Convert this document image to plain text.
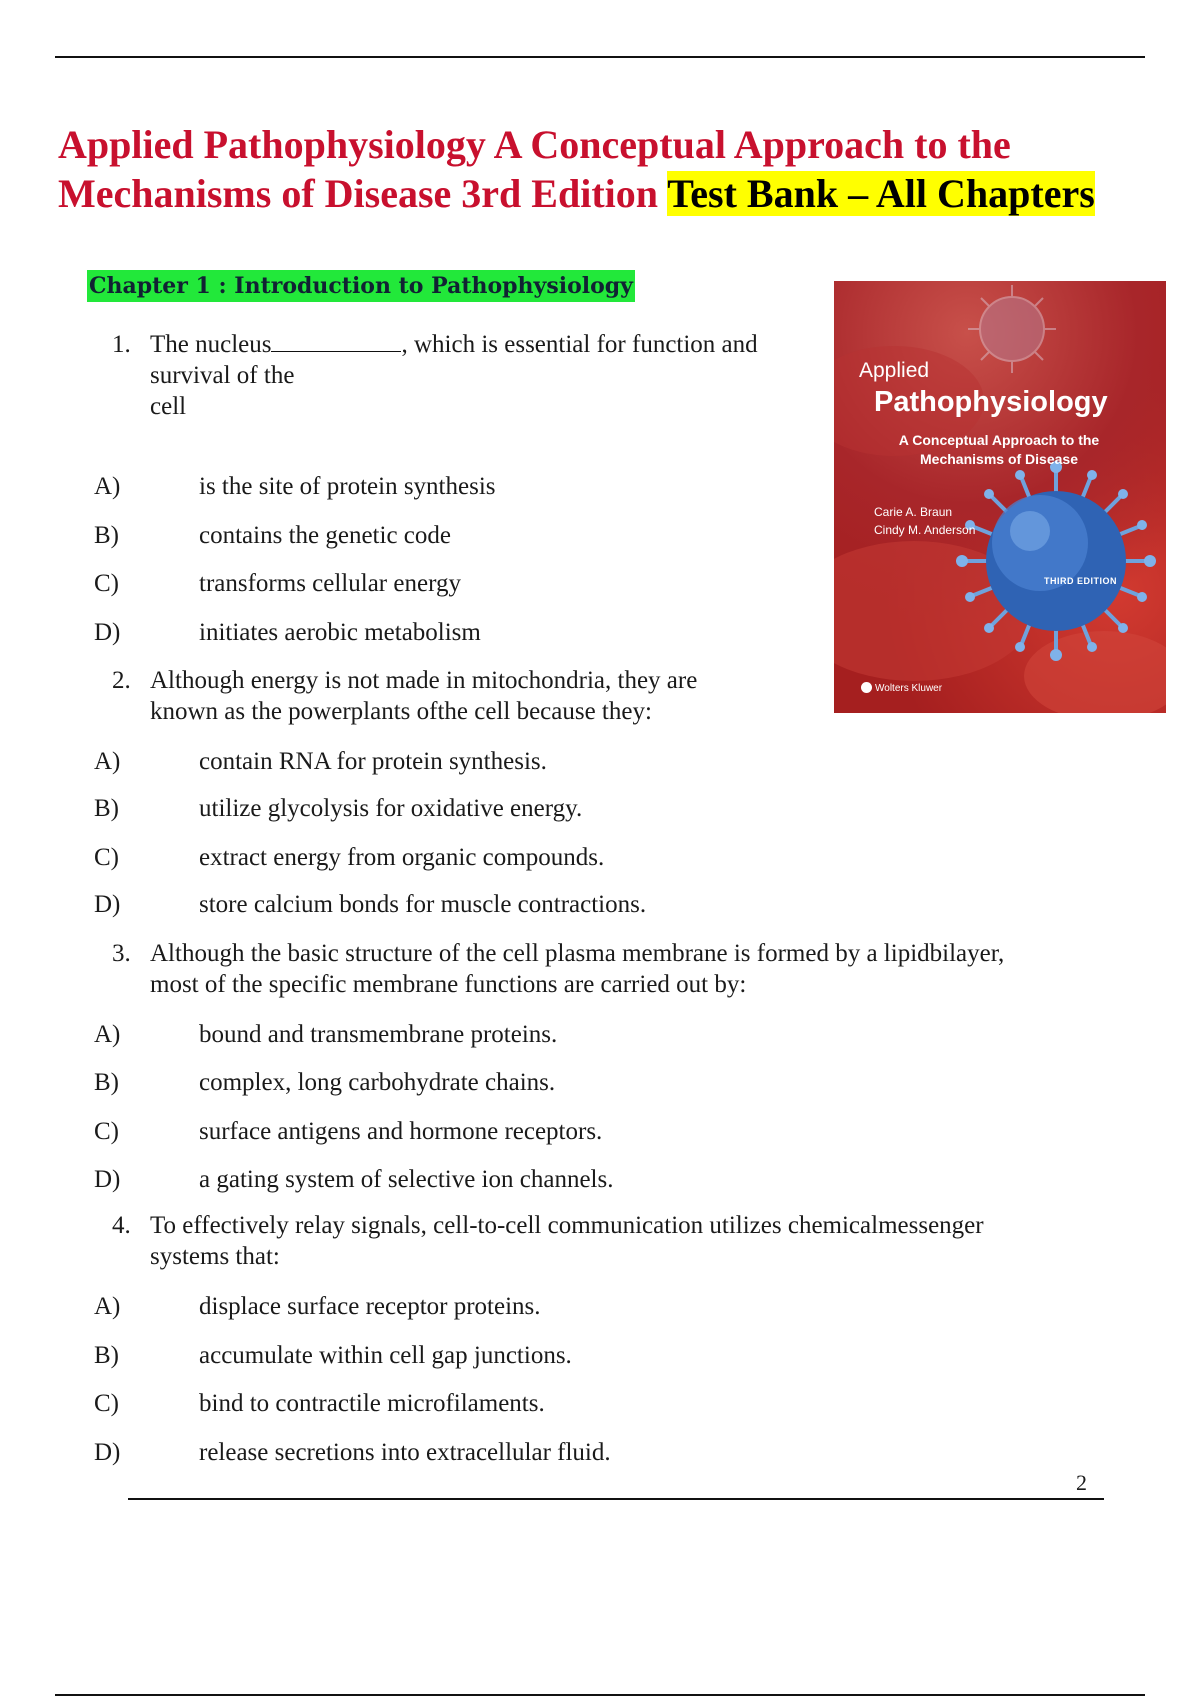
Applied Pathophysiology A Conceptual Approach to the Mechanisms of Disease 3rd Edition Test Bank – All Chapters
Chapter 1 : Introduction to Pathophysiology
Applied
Pathophysiology
A Conceptual Approach to the Mechanisms of Disease
Carie A. Braun
Cindy M. Anderson
THIRD EDITION
Wolters Kluwer
1. The nucleus	, which is essential for function and
survival of the
cell
A)	is the site of protein synthesis
B)	contains the genetic code
C)	transforms cellular energy
D)	initiates aerobic metabolism
2. Although energy is not made in mitochondria, they are
known as the powerplants ofthe cell because they:
A)	contain RNA for protein synthesis.
B)	utilize glycolysis for oxidative energy.
C)	extract energy from organic compounds.
D)	store calcium bonds for muscle contractions.
3. Although the basic structure of the cell plasma membrane is formed by a lipidbilayer,
most of the specific membrane functions are carried out by:
A)	bound and transmembrane proteins.
B)	complex, long carbohydrate chains.
C)	surface antigens and hormone receptors.
D)	a gating system of selective ion channels.
4. To effectively relay signals, cell-to-cell communication utilizes chemicalmessenger
systems that:
A)	displace surface receptor proteins.
B)	accumulate within cell gap junctions.
C)	bind to contractile microfilaments.
D)	release secretions into extracellular fluid.
2
